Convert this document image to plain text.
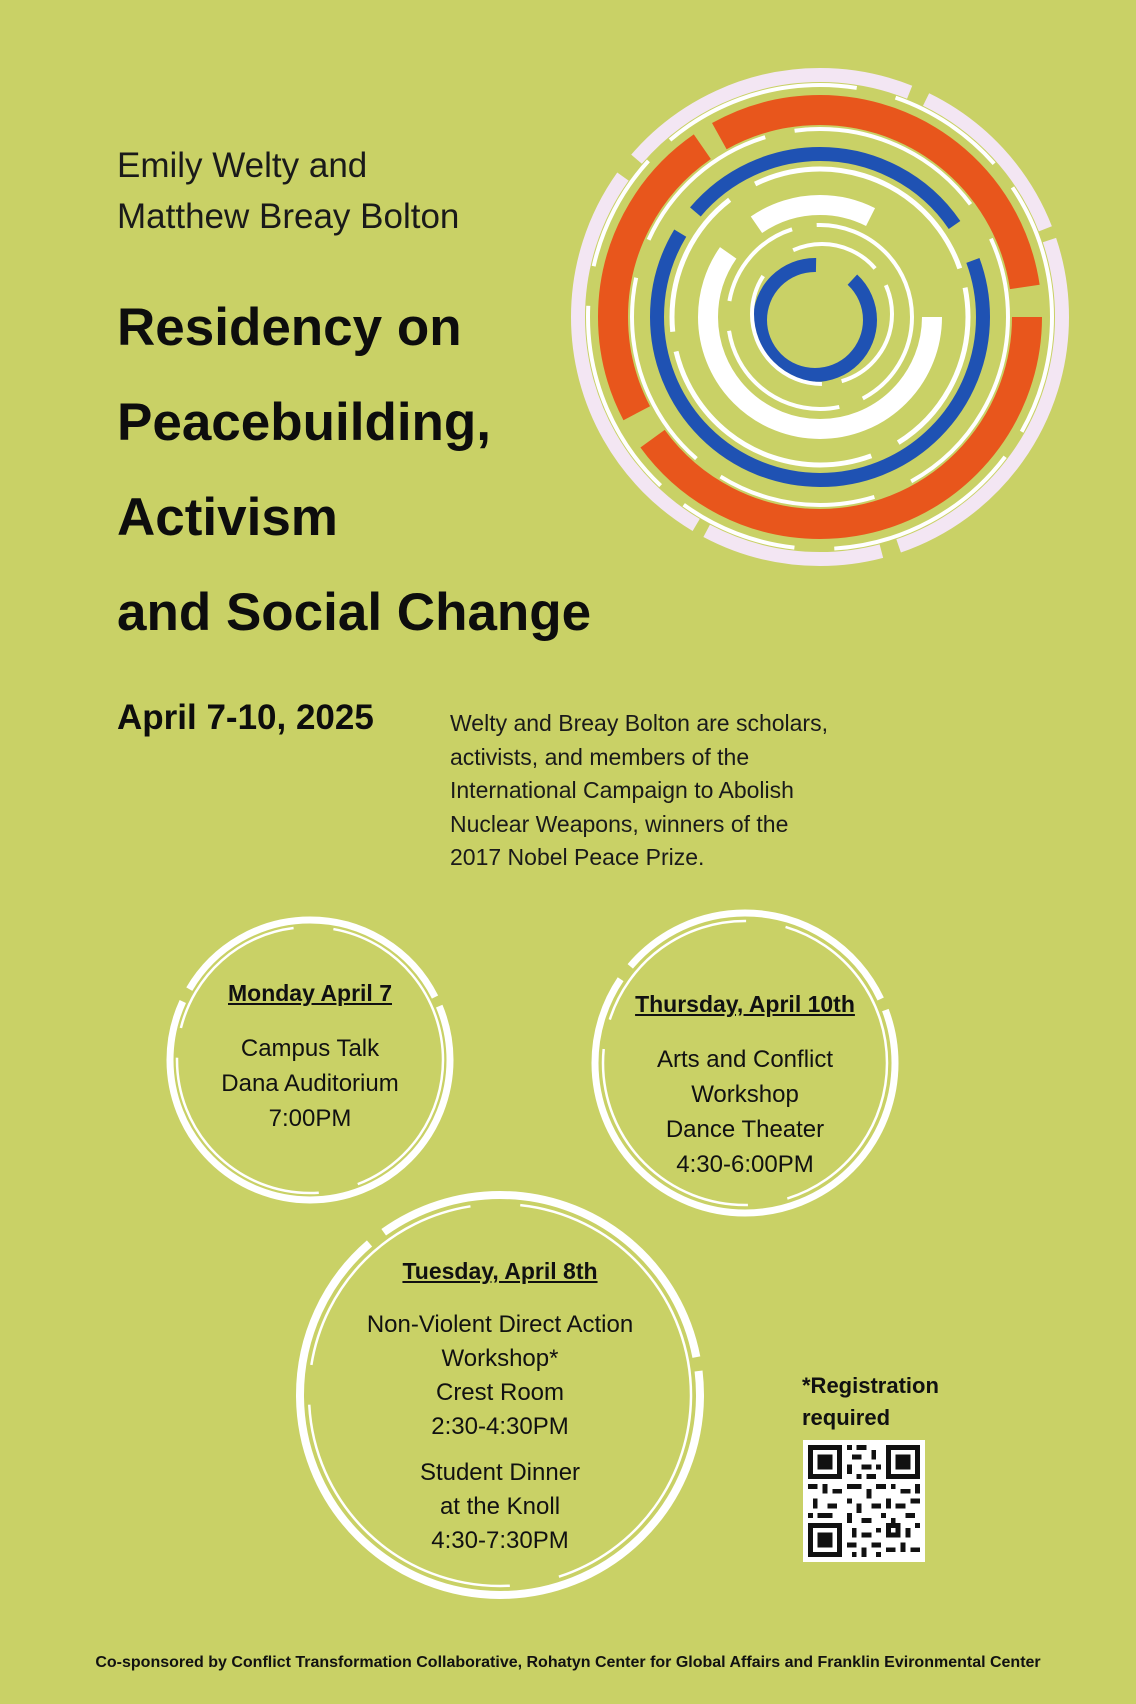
Emily Welty and
Matthew Breay Bolton
Residency on
Peacebuilding,
Activism
and Social Change
April 7-10, 2025	Welty and Breay Bolton are scholars,
activists, and members of the
International Campaign to Abolish
Nuclear Weapons, winners of the
2017 Nobel Peace Prize.
Monday April 7
Campus Talk
Dana Auditorium
7:00PM
Thursday, April 10th
Arts and Conflict
Workshop
Dance Theater
4:30-6:00PM
Tuesday, April 8th
Non-Violent Direct Action
Workshop*
Crest Room
2:30-4:30PM
Student Dinner
at the Knoll
4:30-7:30PM
*Registration
required
Co-sponsored by Conflict Transformation Collaborative, Rohatyn Center for Global Affairs and Franklin Evironmental Center
